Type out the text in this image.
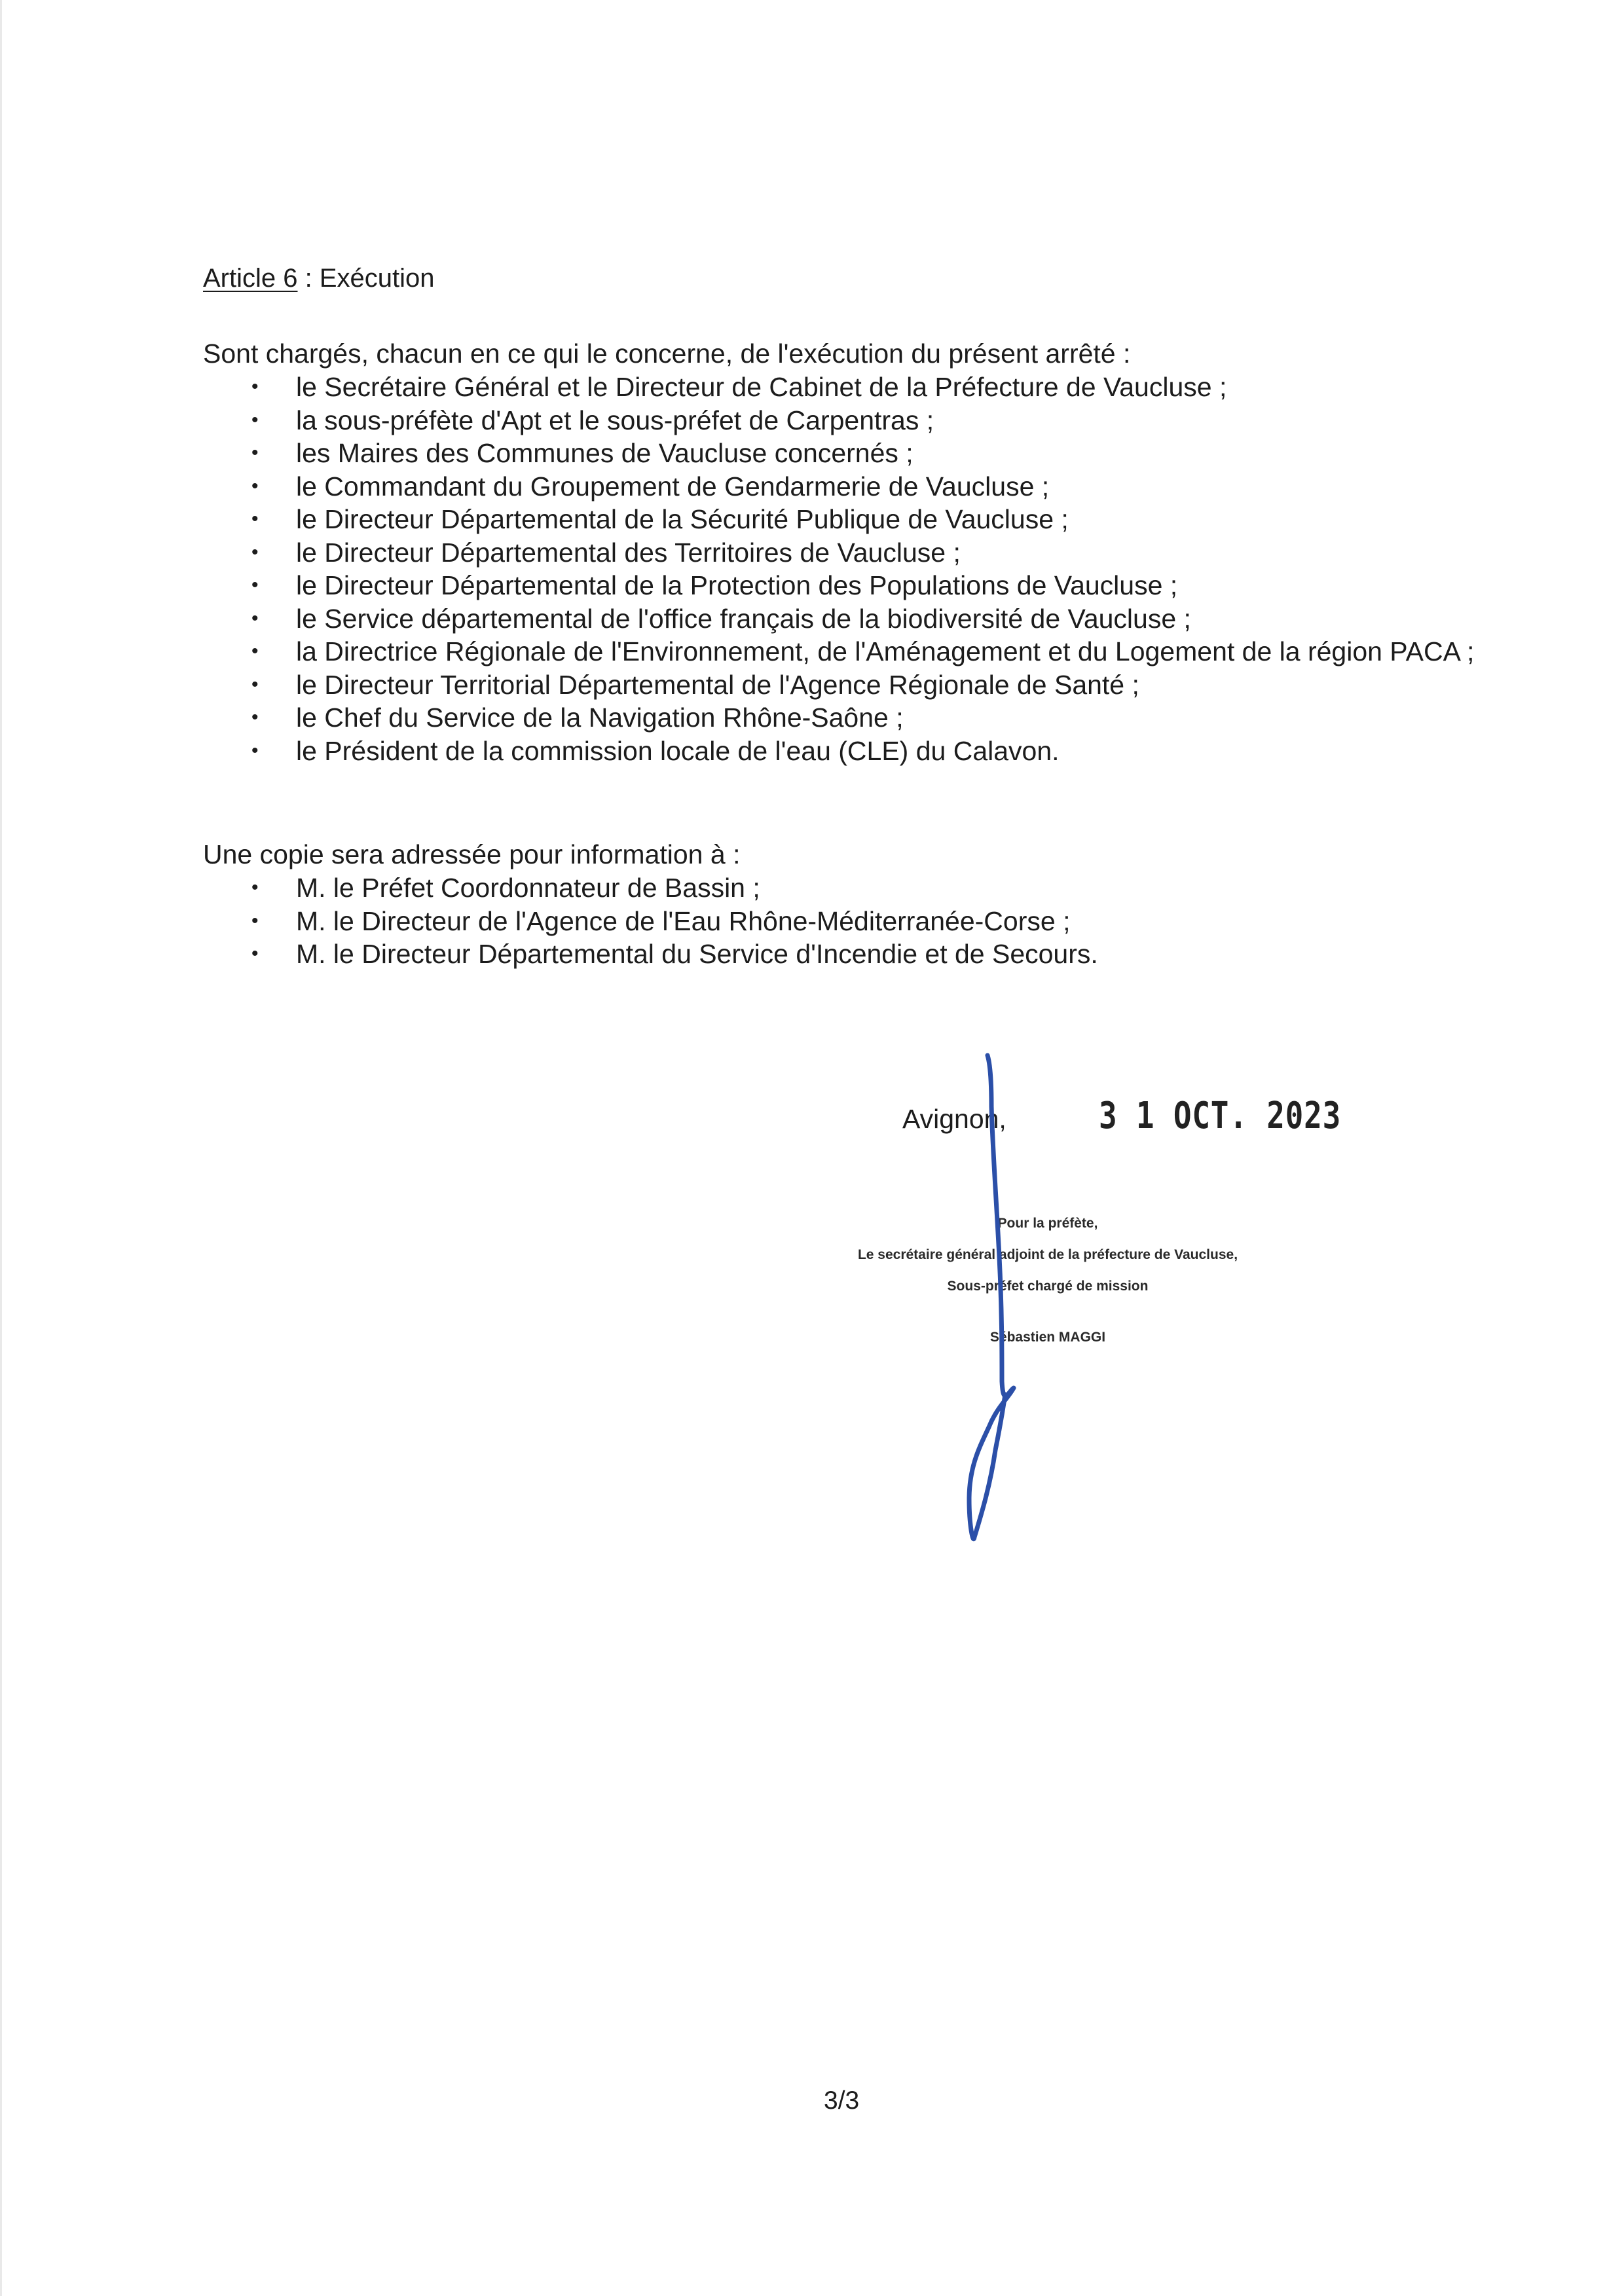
Article 6 : Exécution
Sont chargés, chacun en ce qui le concerne, de l'exécution du présent arrêté :
• le Secrétaire Général et le Directeur de Cabinet de la Préfecture de Vaucluse ;
• la sous-préfète d'Apt et le sous-préfet de Carpentras ;
• les Maires des Communes de Vaucluse concernés ;
• le Commandant du Groupement de Gendarmerie de Vaucluse ;
• le Directeur Départemental de la Sécurité Publique de Vaucluse ;
• le Directeur Départemental des Territoires de Vaucluse ;
• le Directeur Départemental de la Protection des Populations de Vaucluse ;
• le Service départemental de l'office français de la biodiversité de Vaucluse ;
• la Directrice Régionale de l'Environnement, de l'Aménagement et du Logement de la région PACA ;
• le Directeur Territorial Départemental de l'Agence Régionale de Santé ;
• le Chef du Service de la Navigation Rhône-Saône ;
• le Président de la commission locale de l'eau (CLE) du Calavon.
Une copie sera adressée pour information à :
• M. le Préfet Coordonnateur de Bassin ;
• M. le Directeur de l'Agence de l'Eau Rhône-Méditerranée-Corse ;
• M. le Directeur Départemental du Service d'Incendie et de Secours.
Avignon,	3 1 OCT. 2023
Pour la préfète,
Le secrétaire général adjoint de la préfecture de Vaucluse,
Sous-préfet chargé de mission
Sébastien MAGGI
3/3
